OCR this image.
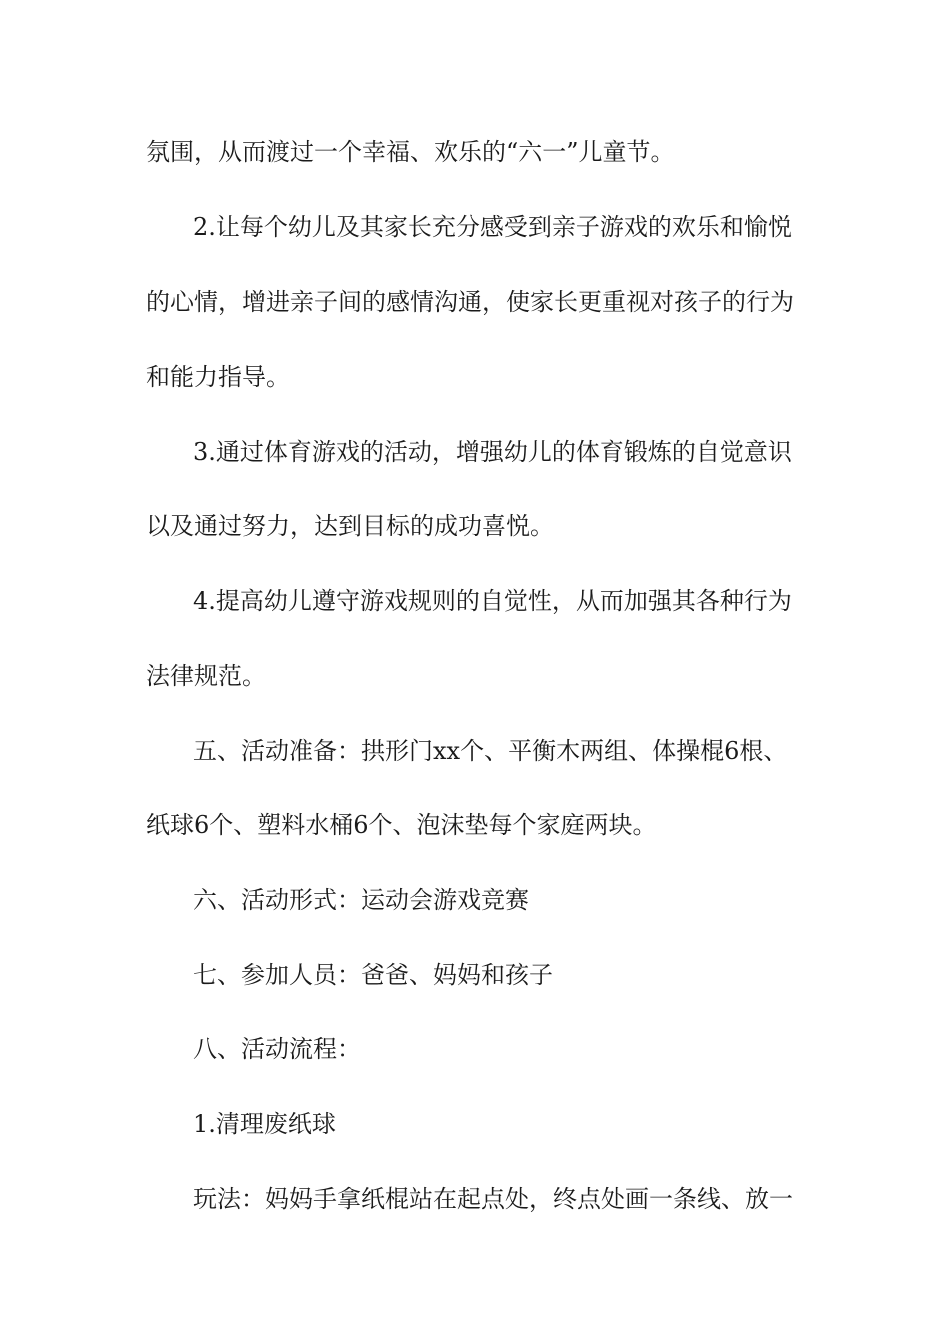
氛围，从而渡过一个幸福、欢乐的“六一”儿童节。
2.让每个幼儿及其家长充分感受到亲子游戏的欢乐和愉悦
的心情，增进亲子间的感情沟通，使家长更重视对孩子的行为
和能力指导。
3.通过体育游戏的活动，增强幼儿的体育锻炼的自觉意识
以及通过努力，达到目标的成功喜悦。
4.提高幼儿遵守游戏规则的自觉性，从而加强其各种行为
法律规范。
五、活动准备：拱形门xx个、平衡木两组、体操棍6根、
纸球6个、塑料水桶6个、泡沫垫每个家庭两块。
六、活动形式：运动会游戏竞赛
七、参加人员：爸爸、妈妈和孩子
八、活动流程：
1.清理废纸球
玩法：妈妈手拿纸棍站在起点处，终点处画一条线、放一
